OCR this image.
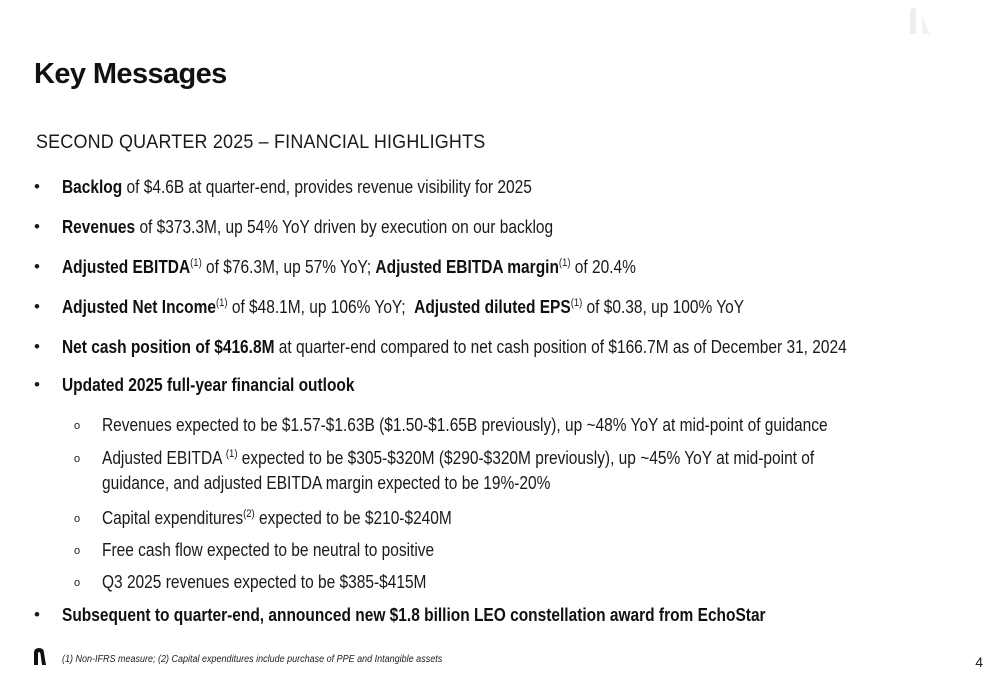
Key Messages
SECOND QUARTER 2025 – FINANCIAL HIGHLIGHTS
• Backlog of $4.6B at quarter-end, provides revenue visibility for 2025
• Revenues of $373.3M, up 54% YoY driven by execution on our backlog
• Adjusted EBITDA$^{(1)}$ of $76.3M, up 57% YoY; Adjusted EBITDA margin$^{(1)}$ of 20.4%
• Adjusted Net Income$^{(1)}$ of $48.1M, up 106% YoY;  Adjusted diluted EPS$^{(1)}$ of $0.38, up 100% YoY
• Net cash position of $416.8M at quarter-end compared to net cash position of $166.7M as of December 31, 2024
• Updated 2025 full-year financial outlook
o Revenues expected to be $1.57-$1.63B ($1.50-$1.65B previously), up ~48% YoY at mid-point of guidance
o Adjusted EBITDA $^{(1)}$ expected to be $305-$320M ($290-$320M previously), up ~45% YoY at mid-point of
guidance, and adjusted EBITDA margin expected to be 19%-20%
o Capital expenditures$^{(2)}$ expected to be $210-$240M
o Free cash flow expected to be neutral to positive
o Q3 2025 revenues expected to be $385-$415M
• Subsequent to quarter-end, announced new $1.8 billion LEO constellation award from EchoStar
(1) Non-IFRS measure; (2) Capital expenditures include purchase of PPE and Intangible assets	4
